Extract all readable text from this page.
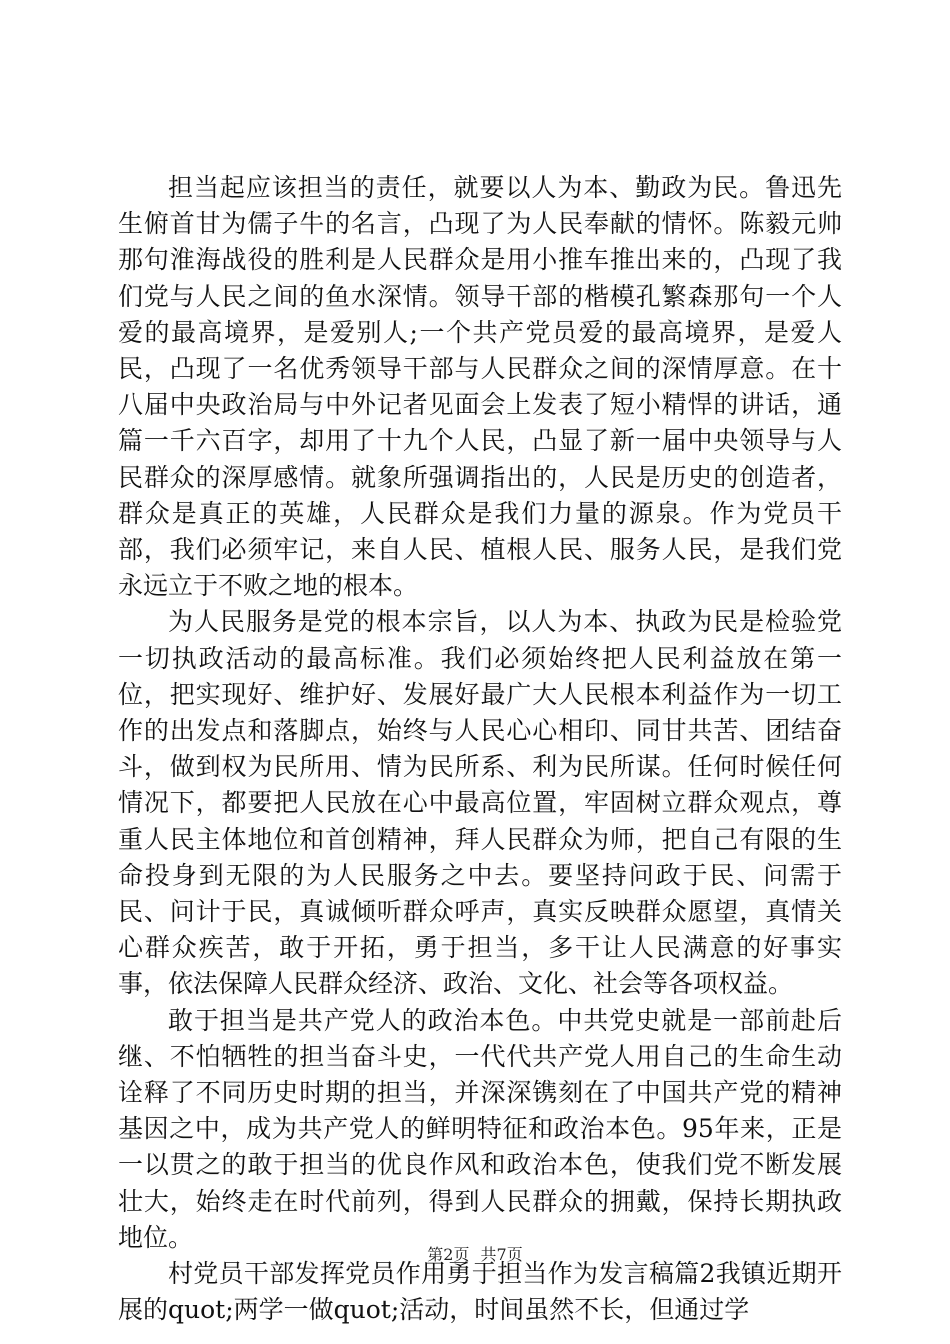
担当起应该担当的责任，就要以人为本、勤政为民。鲁迅先生俯首甘为儒子牛的名言，凸现了为人民奉献的情怀。陈毅元帅那句淮海战役的胜利是人民群众是用小推车推出来的，凸现了我们党与人民之间的鱼水深情。领导干部的楷模孔繁森那句一个人爱的最高境界，是爱别人;一个共产党员爱的最高境界，是爱人民，凸现了一名优秀领导干部与人民群众之间的深情厚意。在十八届中央政治局与中外记者见面会上发表了短小精悍的讲话，通篇一千六百字，却用了十九个人民，凸显了新一届中央领导与人民群众的深厚感情。就象所强调指出的，人民是历史的创造者，群众是真正的英雄，人民群众是我们力量的源泉。作为党员干部，我们必须牢记，来自人民、植根人民、服务人民，是我们党永远立于不败之地的根本。

为人民服务是党的根本宗旨，以人为本、执政为民是检验党一切执政活动的最高标准。我们必须始终把人民利益放在第一位，把实现好、维护好、发展好最广大人民根本利益作为一切工作的出发点和落脚点，始终与人民心心相印、同甘共苦、团结奋斗，做到权为民所用、情为民所系、利为民所谋。任何时候任何情况下，都要把人民放在心中最高位置，牢固树立群众观点，尊重人民主体地位和首创精神，拜人民群众为师，把自己有限的生命投身到无限的为人民服务之中去。要坚持问政于民、问需于民、问计于民，真诚倾听群众呼声，真实反映群众愿望，真情关心群众疾苦，敢于开拓，勇于担当，多干让人民满意的好事实事，依法保障人民群众经济、政治、文化、社会等各项权益。

敢于担当是共产党人的政治本色。中共党史就是一部前赴后继、不怕牺牲的担当奋斗史，一代代共产党人用自己的生命生动诠释了不同历史时期的担当，并深深镌刻在了中国共产党的精神基因之中，成为共产党人的鲜明特征和政治本色。95年来，正是一以贯之的敢于担当的优良作风和政治本色，使我们党不断发展壮大，始终走在时代前列，得到人民群众的拥戴，保持长期执政地位。

村党员干部发挥党员作用勇于担当作为发言稿篇2我镇近期开展的quot;两学一做quot;活动，时间虽然不长，但通过学

第2页 共7页
